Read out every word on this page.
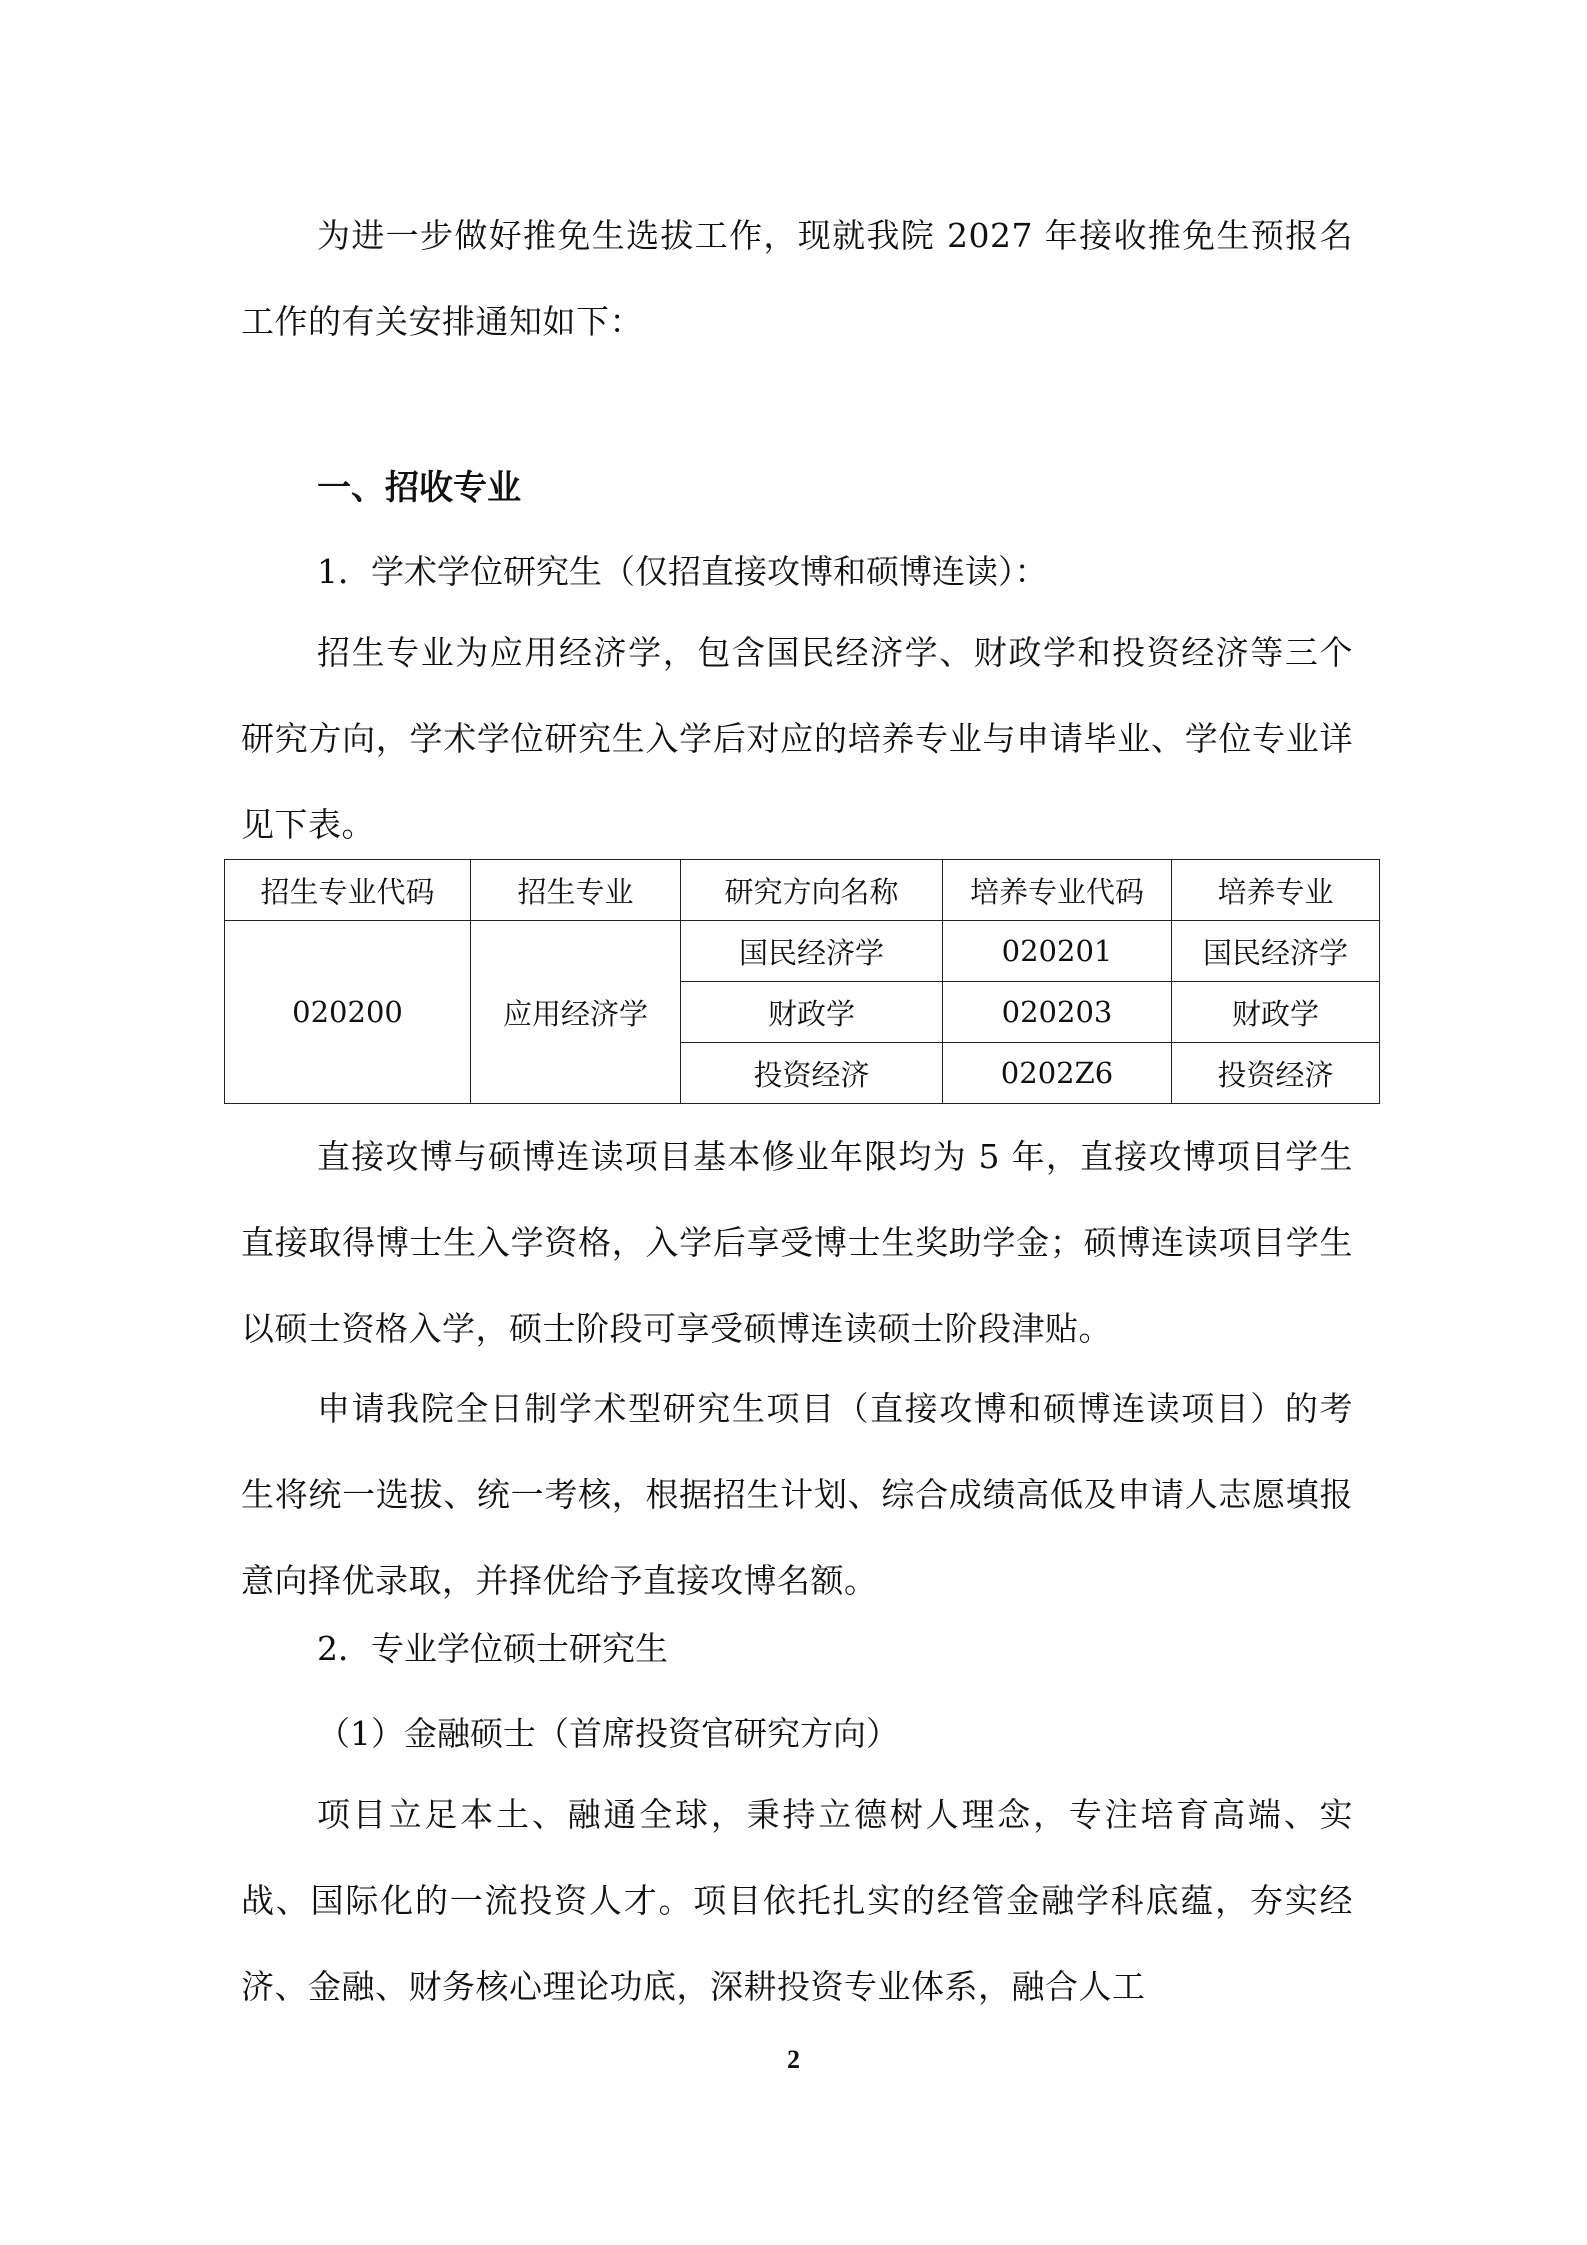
为进一步做好推免生选拔工作，现就我院 2027 年接收推免生预报名工作的有关安排通知如下：

一、招收专业

1．学术学位研究生（仅招直接攻博和硕博连读）：

招生专业为应用经济学，包含国民经济学、财政学和投资经济等三个研究方向，学术学位研究生入学后对应的培养专业与申请毕业、学位专业详见下表。

招生专业代码	招生专业	研究方向名称	培养专业代码	培养专业
020200	应用经济学	国民经济学	020201	国民经济学
		财政学	020203	财政学
		投资经济	0202Z6	投资经济

直接攻博与硕博连读项目基本修业年限均为 5 年，直接攻博项目学生直接取得博士生入学资格，入学后享受博士生奖助学金；硕博连读项目学生以硕士资格入学，硕士阶段可享受硕博连读硕士阶段津贴。

申请我院全日制学术型研究生项目（直接攻博和硕博连读项目）的考生将统一选拔、统一考核，根据招生计划、综合成绩高低及申请人志愿填报意向择优录取，并择优给予直接攻博名额。

2．专业学位硕士研究生

（1）金融硕士（首席投资官研究方向）

项目立足本土、融通全球，秉持立德树人理念，专注培育高端、实战、国际化的一流投资人才。项目依托扎实的经管金融学科底蕴，夯实经济、金融、财务核心理论功底，深耕投资专业体系，融合人工

2
